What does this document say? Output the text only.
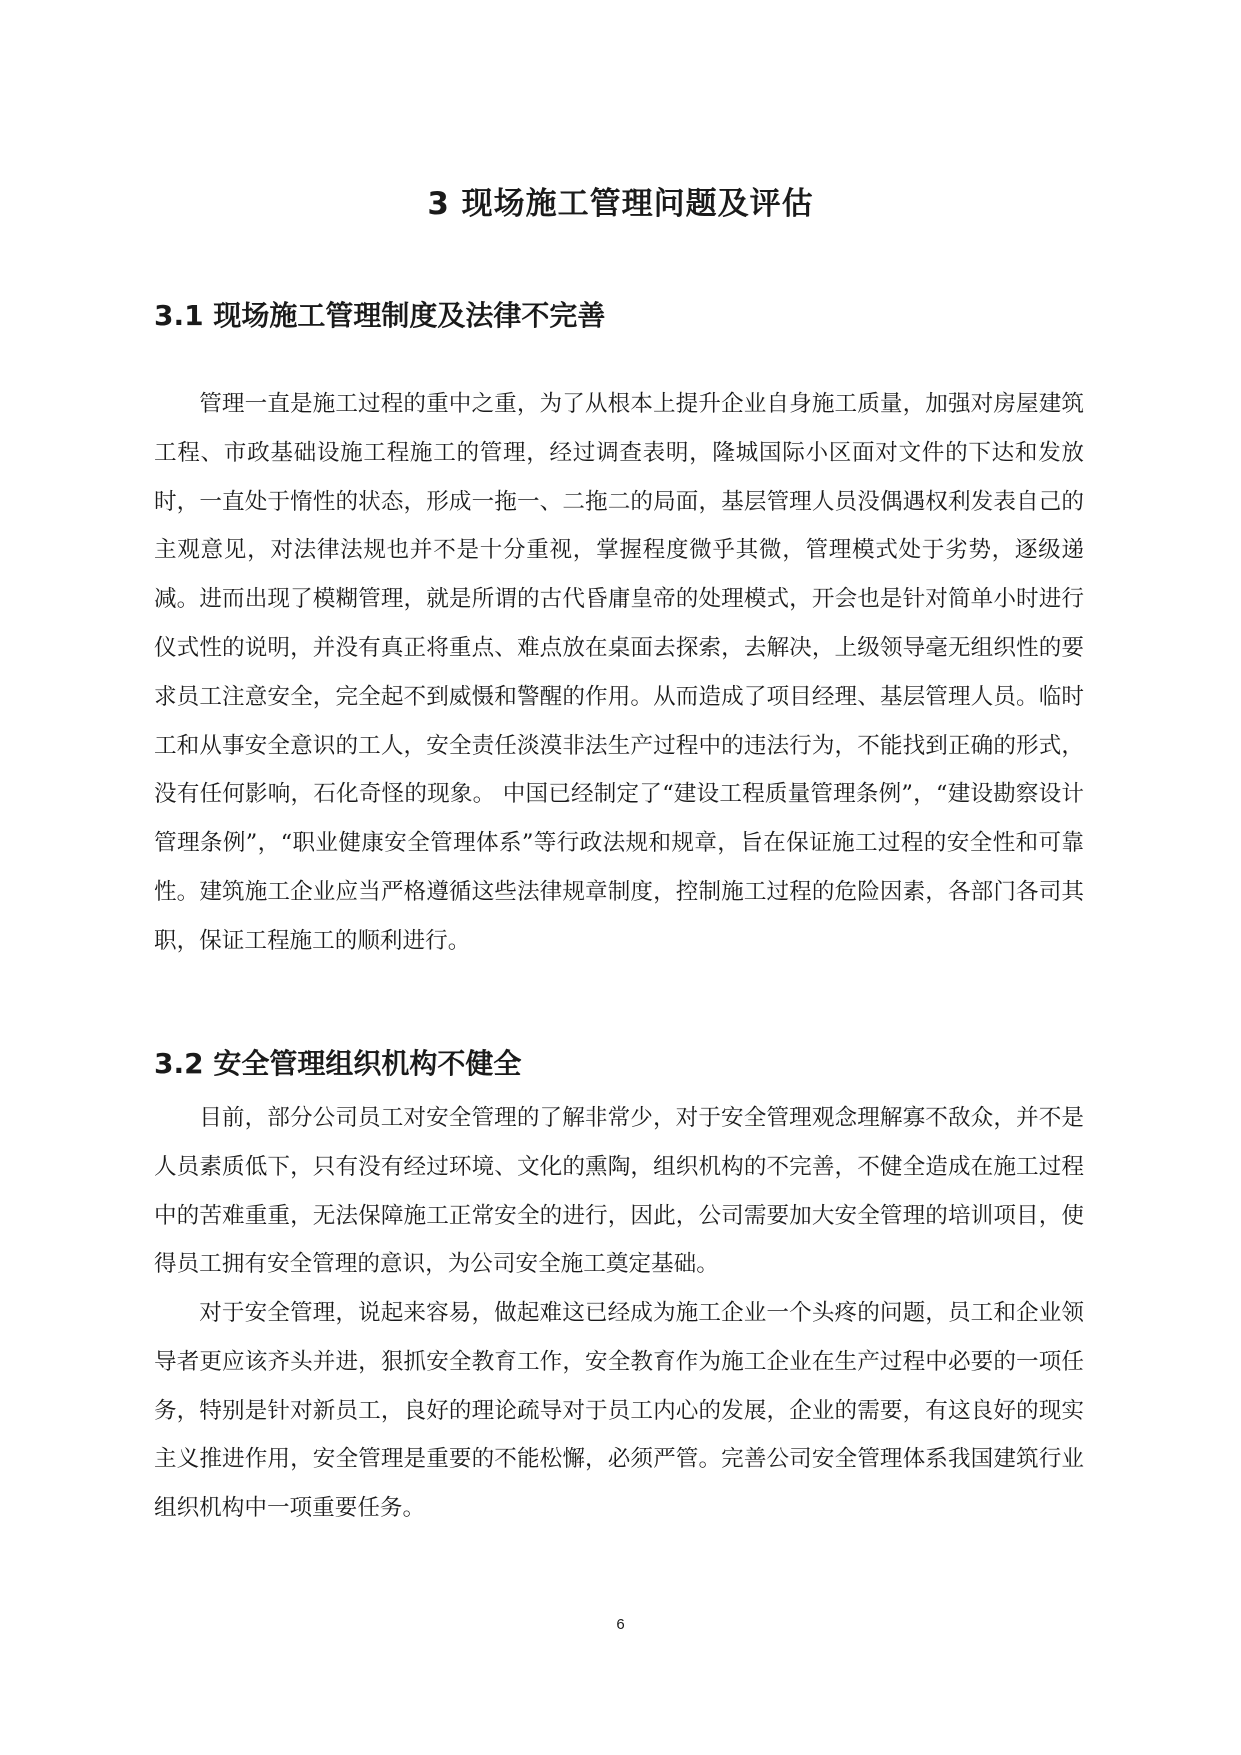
3 现场施工管理问题及评估
3.1 现场施工管理制度及法律不完善

管理一直是施工过程的重中之重，为了从根本上提升企业自身施工质量，加强对房屋建筑工程、市政基础设施工程施工的管理，经过调查表明，隆城国际小区面对文件的下达和发放时，一直处于惰性的状态，形成一拖一、二拖二的局面，基层管理人员没偶遇权利发表自己的主观意见，对法律法规也并不是十分重视，掌握程度微乎其微，管理模式处于劣势，逐级递减。进而出现了模糊管理，就是所谓的古代昏庸皇帝的处理模式，开会也是针对简单小时进行仪式性的说明，并没有真正将重点、难点放在桌面去探索，去解决，上级领导毫无组织性的要求员工注意安全，完全起不到威慑和警醒的作用。从而造成了项目经理、基层管理人员。临时工和从事安全意识的工人，安全责任淡漠非法生产过程中的违法行为，不能找到正确的形式，没有任何影响，石化奇怪的现象。 中国已经制定了“建设工程质量管理条例”，“建设勘察设计管理条例”，“职业健康安全管理体系”等行政法规和规章，旨在保证施工过程的安全性和可靠性。建筑施工企业应当严格遵循这些法律规章制度，控制施工过程的危险因素，各部门各司其职，保证工程施工的顺利进行。

3.2 安全管理组织机构不健全

目前，部分公司员工对安全管理的了解非常少，对于安全管理观念理解寡不敌众，并不是人员素质低下，只有没有经过环境、文化的熏陶，组织机构的不完善，不健全造成在施工过程中的苦难重重，无法保障施工正常安全的进行，因此，公司需要加大安全管理的培训项目，使得员工拥有安全管理的意识，为公司安全施工奠定基础。

对于安全管理，说起来容易，做起难这已经成为施工企业一个头疼的问题，员工和企业领导者更应该齐头并进，狠抓安全教育工作，安全教育作为施工企业在生产过程中必要的一项任务，特别是针对新员工，良好的理论疏导对于员工内心的发展，企业的需要，有这良好的现实主义推进作用，安全管理是重要的不能松懈，必须严管。完善公司安全管理体系我国建筑行业组织机构中一项重要任务。

6
